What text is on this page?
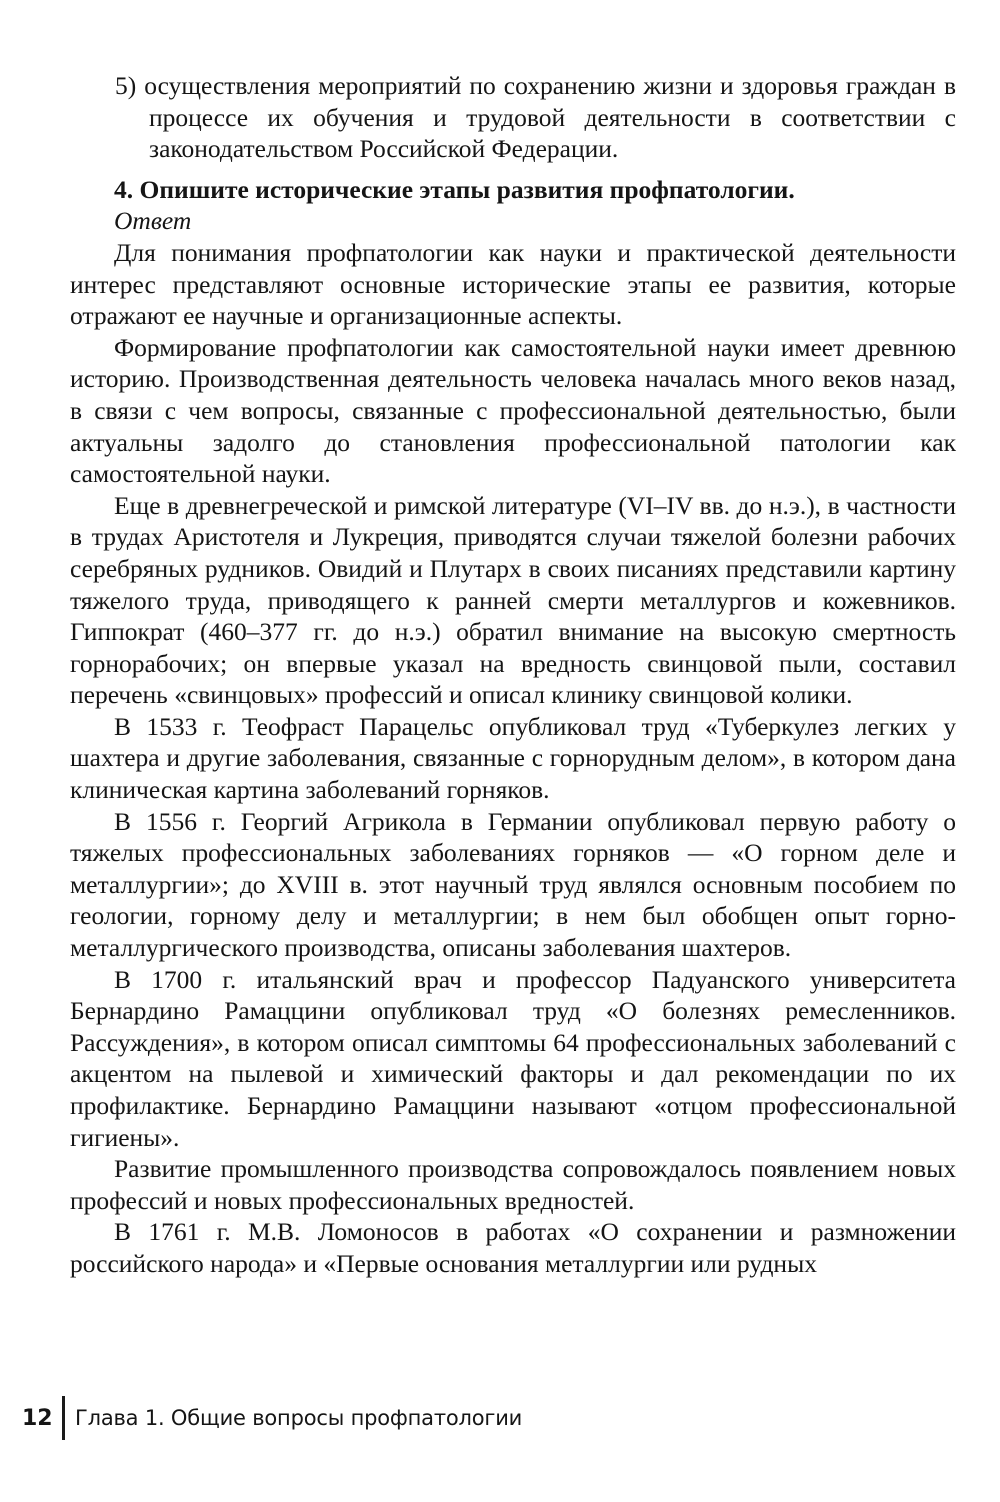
5) осуществления мероприятий по сохранению жизни и здоровья граждан в процессе их обучения и трудовой деятельности в соответствии с законодательством Российской Федерации.

4. Опишите исторические этапы развития профпатологии.

Ответ

Для понимания профпатологии как науки и практической деятельности интерес представляют основные исторические этапы ее развития, которые отражают ее научные и организационные аспекты.

Формирование профпатологии как самостоятельной науки имеет древнюю историю. Производственная деятельность человека началась много веков назад, в связи с чем вопросы, связанные с профессиональной деятельностью, были актуальны задолго до становления профессиональной патологии как самостоятельной науки.

Еще в древнегреческой и римской литературе (VI–IV вв. до н.э.), в частности в трудах Аристотеля и Лукреция, приводятся случаи тяжелой болезни рабочих серебряных рудников. Овидий и Плутарх в своих писаниях представили картину тяжелого труда, приводящего к ранней смерти металлургов и кожевников. Гиппократ (460–377 гг. до н.э.) обратил внимание на высокую смертность горнорабочих; он впервые указал на вредность свинцовой пыли, составил перечень «свинцовых» профессий и описал клинику свинцовой колики.

В 1533 г. Теофраст Парацельс опубликовал труд «Туберкулез легких у шахтера и другие заболевания, связанные с горнорудным делом», в котором дана клиническая картина заболеваний горняков.

В 1556 г. Георгий Агрикола в Германии опубликовал первую работу о тяжелых профессиональных заболеваниях горняков — «О горном деле и металлургии»; до XVIII в. этот научный труд являлся основным пособием по геологии, горному делу и металлургии; в нем был обобщен опыт горно-металлургического производства, описаны заболевания шахтеров.

В 1700 г. итальянский врач и профессор Падуанского университета Бернардино Рамаццини опубликовал труд «О болезнях ремесленников. Рассуждения», в котором описал симптомы 64 профессиональных заболеваний с акцентом на пылевой и химический факторы и дал рекомендации по их профилактике. Бернардино Рамаццини называют «отцом профессиональной гигиены».

Развитие промышленного производства сопровождалось появлением новых профессий и новых профессиональных вредностей.

В 1761 г. М.В. Ломоносов в работах «О сохранении и размножении российского народа» и «Первые основания металлургии или рудных

12	Глава 1. Общие вопросы профпатологии
